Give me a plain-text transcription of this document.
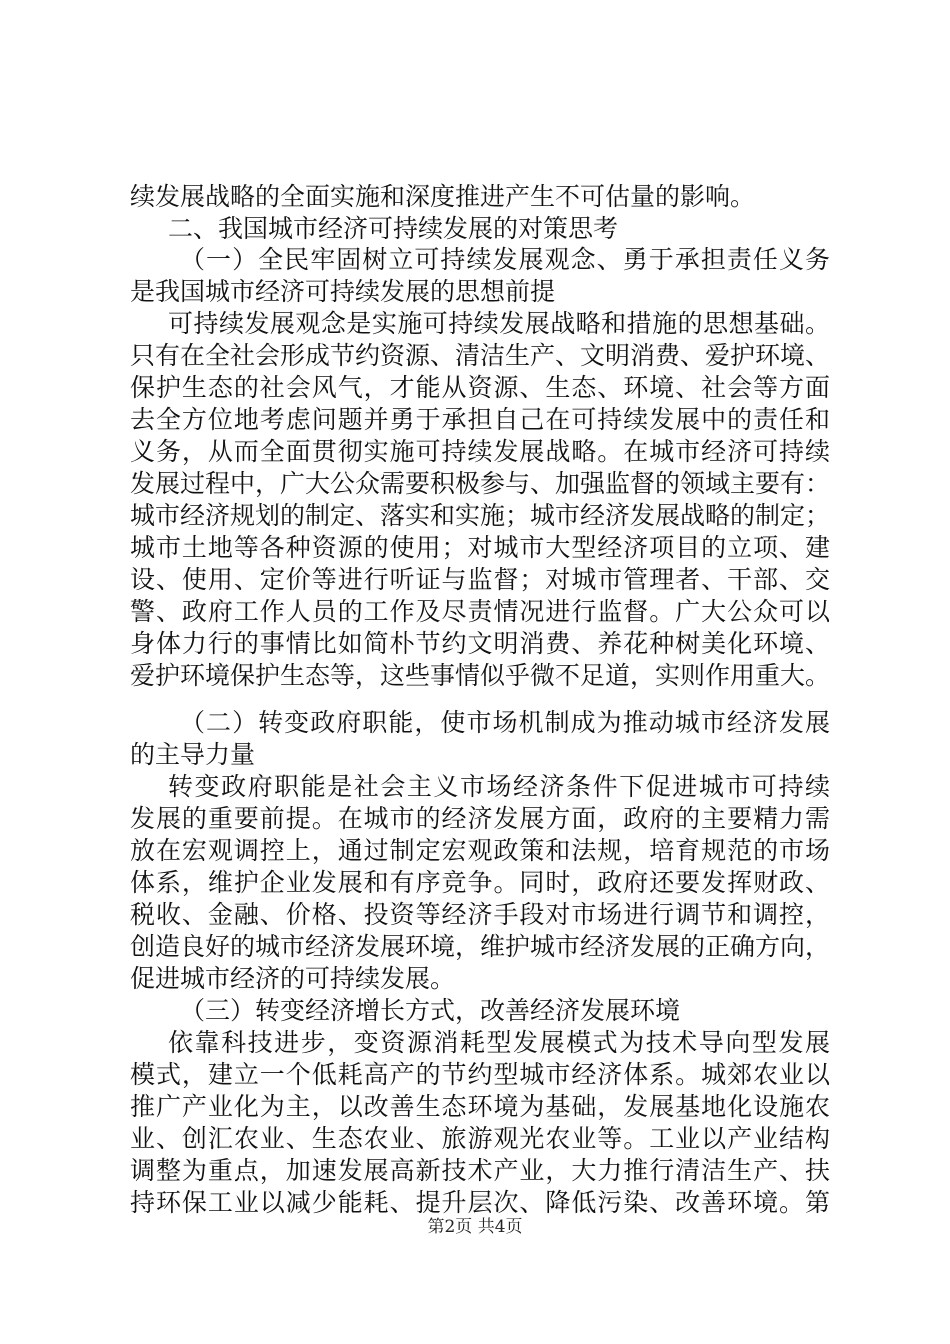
续发展战略的全面实施和深度推进产生不可估量的影响。
二、我国城市经济可持续发展的对策思考
（一）全民牢固树立可持续发展观念、勇于承担责任义务
是我国城市经济可持续发展的思想前提
可持续发展观念是实施可持续发展战略和措施的思想基础。
只有在全社会形成节约资源、清洁生产、文明消费、爱护环境、
保护生态的社会风气，才能从资源、生态、环境、社会等方面
去全方位地考虑问题并勇于承担自己在可持续发展中的责任和
义务，从而全面贯彻实施可持续发展战略。在城市经济可持续
发展过程中，广大公众需要积极参与、加强监督的领域主要有：
城市经济规划的制定、落实和实施；城市经济发展战略的制定；
城市土地等各种资源的使用；对城市大型经济项目的立项、建
设、使用、定价等进行听证与监督；对城市管理者、干部、交
警、政府工作人员的工作及尽责情况进行监督。广大公众可以
身体力行的事情比如简朴节约文明消费、养花种树美化环境、
爱护环境保护生态等，这些事情似乎微不足道，实则作用重大。
（二）转变政府职能，使市场机制成为推动城市经济发展
的主导力量
转变政府职能是社会主义市场经济条件下促进城市可持续
发展的重要前提。在城市的经济发展方面，政府的主要精力需
放在宏观调控上，通过制定宏观政策和法规，培育规范的市场
体系，维护企业发展和有序竞争。同时，政府还要发挥财政、
税收、金融、价格、投资等经济手段对市场进行调节和调控，
创造良好的城市经济发展环境，维护城市经济发展的正确方向，
促进城市经济的可持续发展。
（三）转变经济增长方式，改善经济发展环境
依靠科技进步，变资源消耗型发展模式为技术导向型发展
模式，建立一个低耗高产的节约型城市经济体系。城郊农业以
推广产业化为主，以改善生态环境为基础，发展基地化设施农
业、创汇农业、生态农业、旅游观光农业等。工业以产业结构
调整为重点，加速发展高新技术产业，大力推行清洁生产、扶
持环保工业以减少能耗、提升层次、降低污染、改善环境。第
第2页 共4页
